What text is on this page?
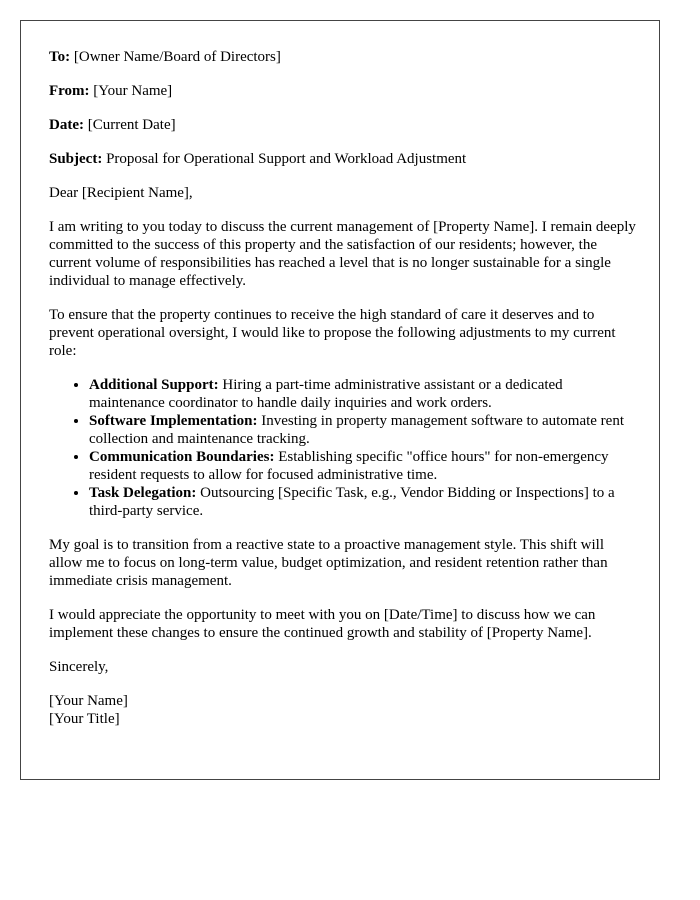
To: [Owner Name/Board of Directors]

From: [Your Name]

Date: [Current Date]

Subject: Proposal for Operational Support and Workload Adjustment

Dear [Recipient Name],

I am writing to you today to discuss the current management of [Property Name]. I remain deeply committed to the success of this property and the satisfaction of our residents; however, the current volume of responsibilities has reached a level that is no longer sustainable for a single individual to manage effectively.

To ensure that the property continues to receive the high standard of care it deserves and to prevent operational oversight, I would like to propose the following adjustments to my current role:

• Additional Support: Hiring a part-time administrative assistant or a dedicated maintenance coordinator to handle daily inquiries and work orders.
• Software Implementation: Investing in property management software to automate rent collection and maintenance tracking.
• Communication Boundaries: Establishing specific "office hours" for non-emergency resident requests to allow for focused administrative time.
• Task Delegation: Outsourcing [Specific Task, e.g., Vendor Bidding or Inspections] to a third-party service.

My goal is to transition from a reactive state to a proactive management style. This shift will allow me to focus on long-term value, budget optimization, and resident retention rather than immediate crisis management.

I would appreciate the opportunity to meet with you on [Date/Time] to discuss how we can implement these changes to ensure the continued growth and stability of [Property Name].

Sincerely,

[Your Name]
[Your Title]
